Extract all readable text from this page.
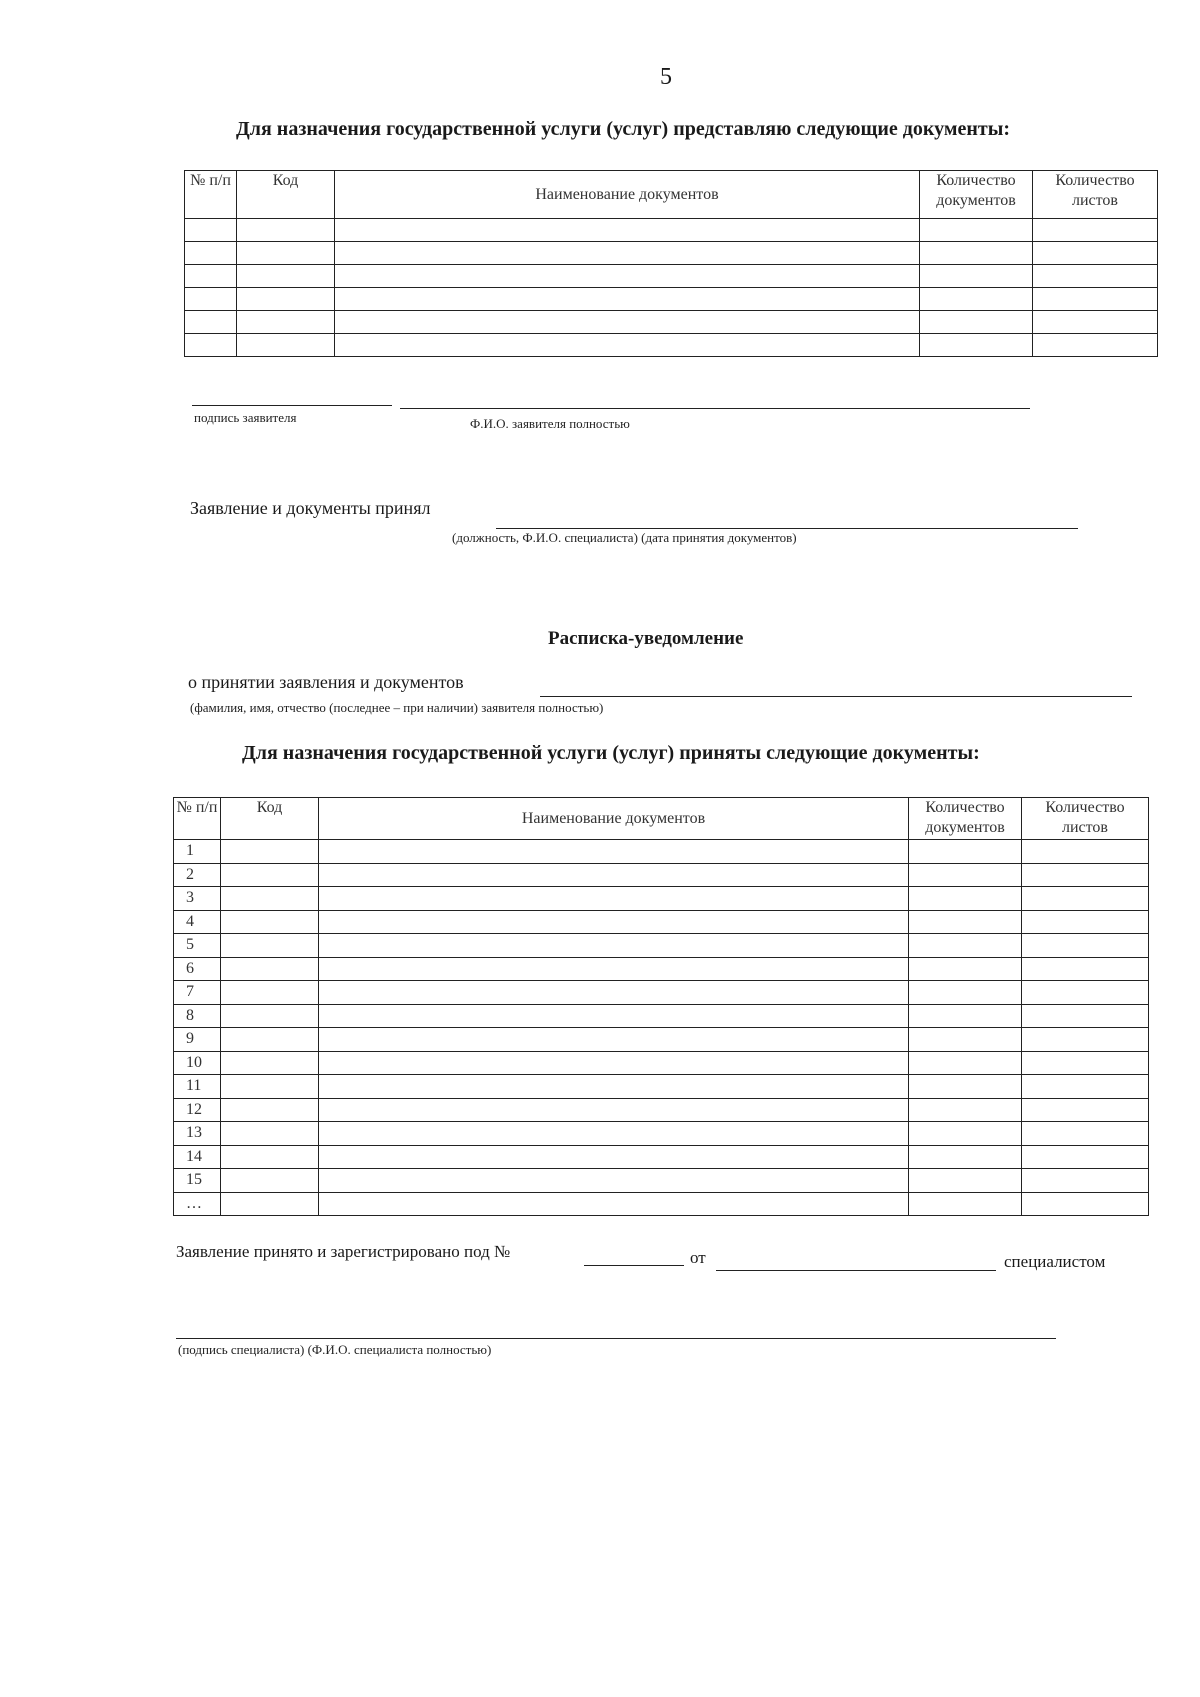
5
Для назначения государственной услуги (услуг) представляю следующие документы:
№ п/п	Код	Наименование документов	Количество документов	Количество листов

подпись заявителя	Ф.И.О. заявителя полностью
Заявление и документы принял
(должность, Ф.И.О. специалиста) (дата принятия документов)
Расписка-уведомление
о принятии заявления и документов
(фамилия, имя, отчество (последнее – при наличии) заявителя полностью)
Для назначения государственной услуги (услуг) приняты следующие документы:
№ п/п	Код	Наименование документов	Количество документов	Количество листов
1				
2				
3				
4				
5				
6				
7				
8				
9				
10				
11				
12				
13				
14				
15				
…				
Заявление принято и зарегистрировано под №	от	специалистом
(подпись специалиста) (Ф.И.О. специалиста полностью)
